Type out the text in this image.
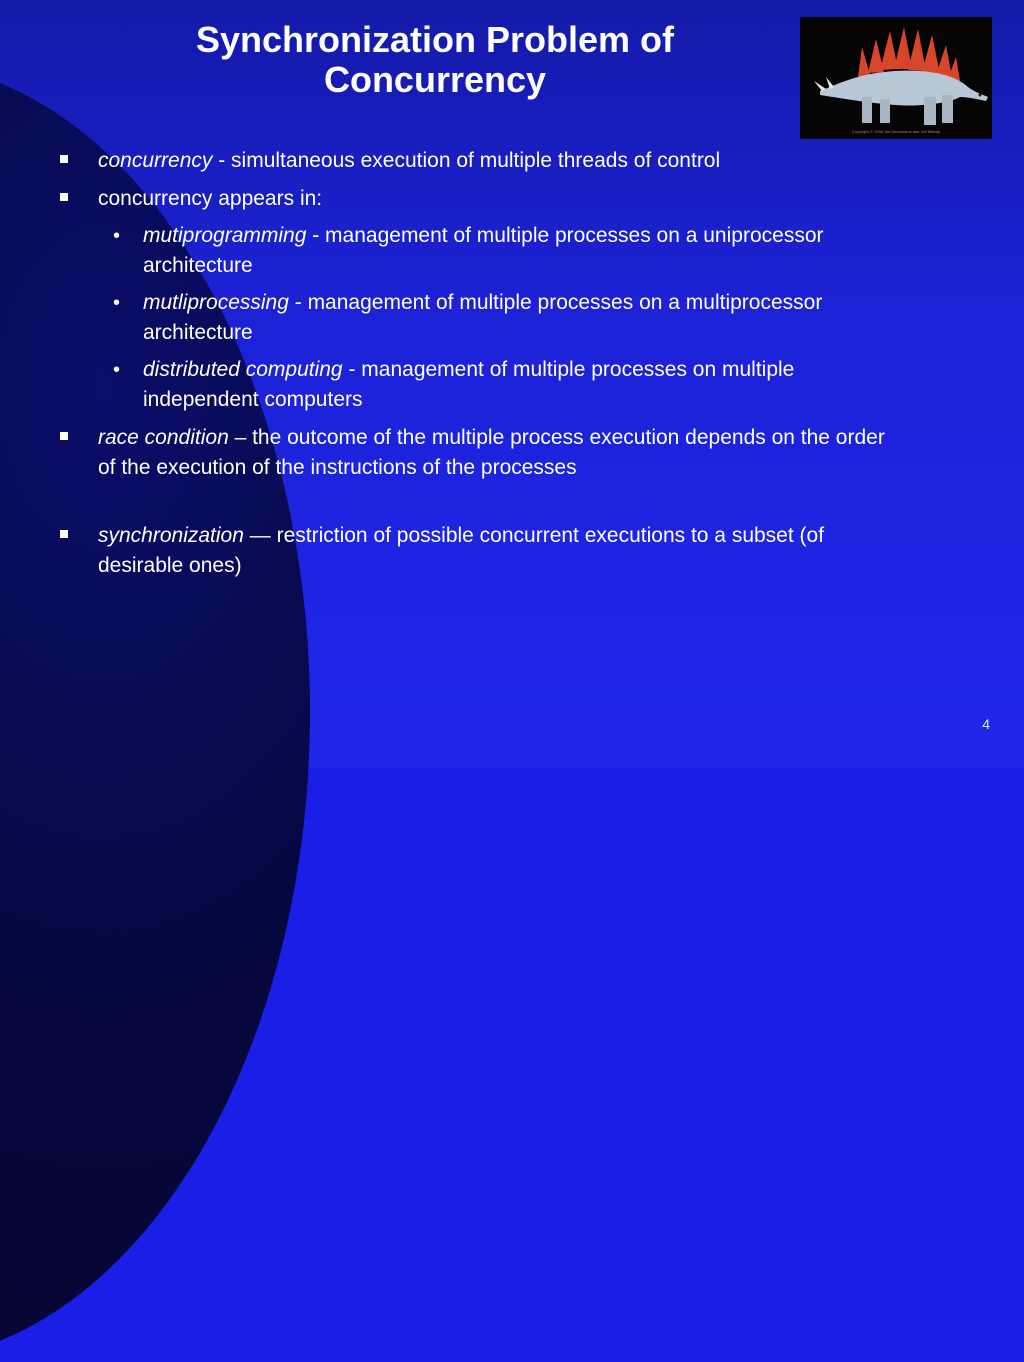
Synchronization Problem of
Concurrency
Copyright © 1996 Jim Dinosaurus and Jeff Bishop
concurrency - simultaneous execution of multiple threads of control
concurrency appears in:
• mutiprogramming - management of multiple processes on a uniprocessor architecture
• mutliprocessing - management of multiple processes on a multiprocessor architecture
• distributed computing - management of multiple processes on multiple independent computers
race condition – the outcome of the multiple process execution depends on the order of the execution of the instructions of the processes
synchronization — restriction of possible concurrent executions to a subset (of desirable ones)
4
